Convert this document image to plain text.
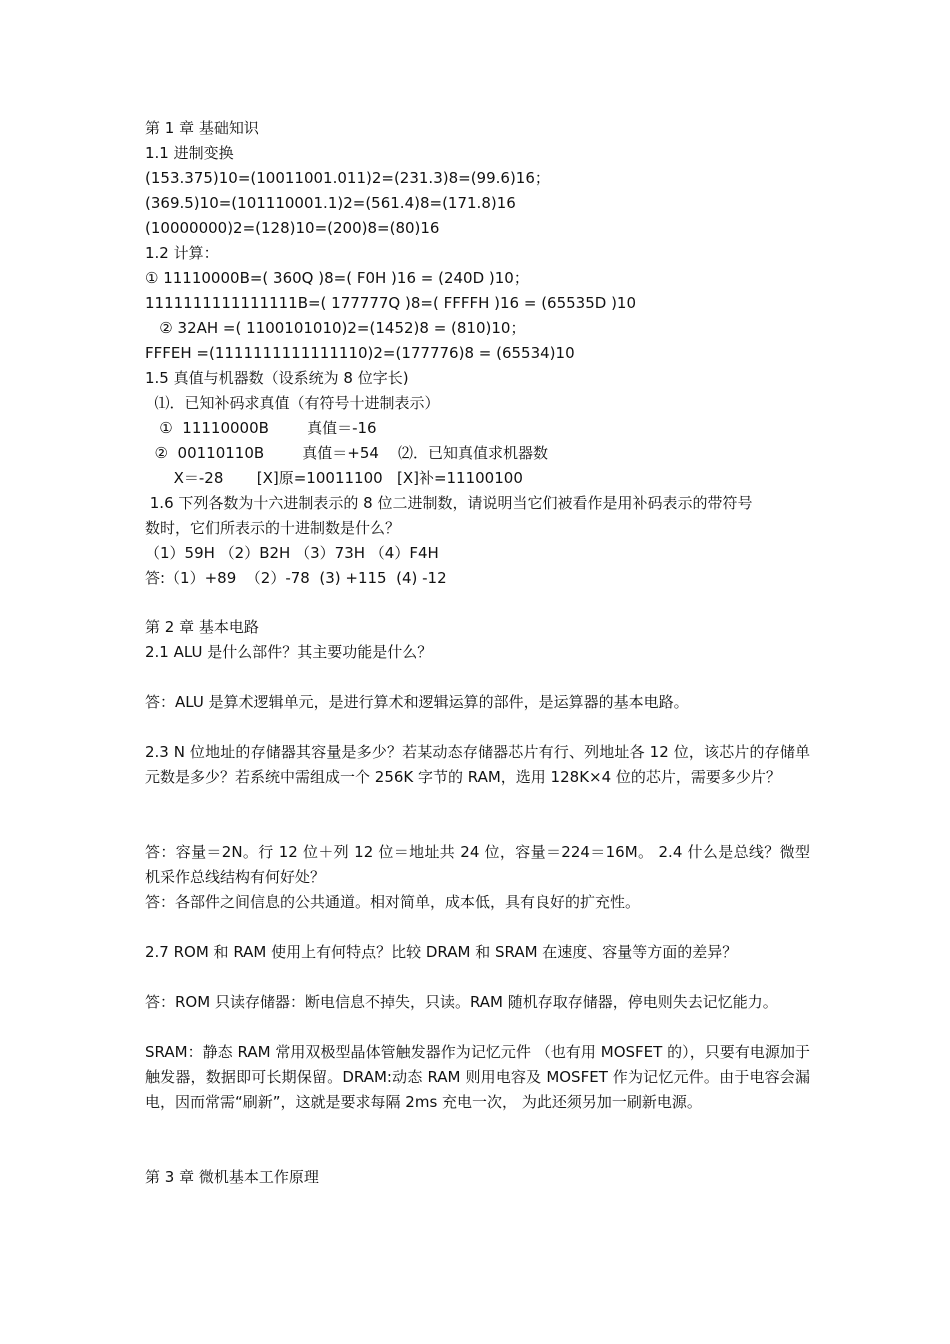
第 1 章 基础知识
1.1 进制变换
(153.375)10=(10011001.011)2=(231.3)8=(99.6)16；
(369.5)10=(101110001.1)2=(561.4)8=(171.8)16
(10000000)2=(128)10=(200)8=(80)16
1.2 计算：
① 11110000B=( 360Q )8=( F0H )16 = (240D )10；
1111111111111111B=( 177777Q )8=( FFFFH )16 = (65535D )10
② 32AH =( 1100101010)2=(1452)8 = (810)10；
FFFEH =(1111111111111110)2=(177776)8 = (65534)10
1.5 真值与机器数（设系统为 8 位字长)
⑴．已知补码求真值（有符号十进制表示）
①  11110000B        真值＝-16
②  00110110B        真值＝+54    ⑵．已知真值求机器数
X＝-28       [X]原=10011100   [X]补=11100100
1.6 下列各数为十六进制表示的 8 位二进制数，请说明当它们被看作是用补码表示的带符号
数时，它们所表示的十进制数是什么？
（1）59H （2）B2H （3）73H （4）F4H
答:（1）+89  （2）-78  (3) +115  (4) -12
第 2 章 基本电路
2.1 ALU 是什么部件？其主要功能是什么？
答：ALU 是算术逻辑单元，是进行算术和逻辑运算的部件，是运算器的基本电路。
2.3 N 位地址的存储器其容量是多少？若某动态存储器芯片有行、列地址各 12 位，该芯片的存储单元数是多少？若系统中需组成一个 256K 字节的 RAM，选用 128K×4 位的芯片，需要多少片？
答：容量＝2N。行 12 位＋列 12 位＝地址共 24 位，容量＝224＝16M。 2.4 什么是总线？微型机采作总线结构有何好处？
答：各部件之间信息的公共通道。相对简单，成本低，具有良好的扩充性。
2.7 ROM 和 RAM 使用上有何特点？比较 DRAM 和 SRAM 在速度、容量等方面的差异？
答：ROM 只读存储器：断电信息不掉失，只读。RAM 随机存取存储器，停电则失去记忆能力。
SRAM：静态 RAM 常用双极型晶体管触发器作为记忆元件 （也有用 MOSFET 的），只要有电源加于触发器，数据即可长期保留。DRAM:动态 RAM 则用电容及 MOSFET 作为记忆元件。由于电容会漏电，因而常需“刷新”，这就是要求每隔 2ms 充电一次， 为此还须另加一刷新电源。
第 3 章 微机基本工作原理
